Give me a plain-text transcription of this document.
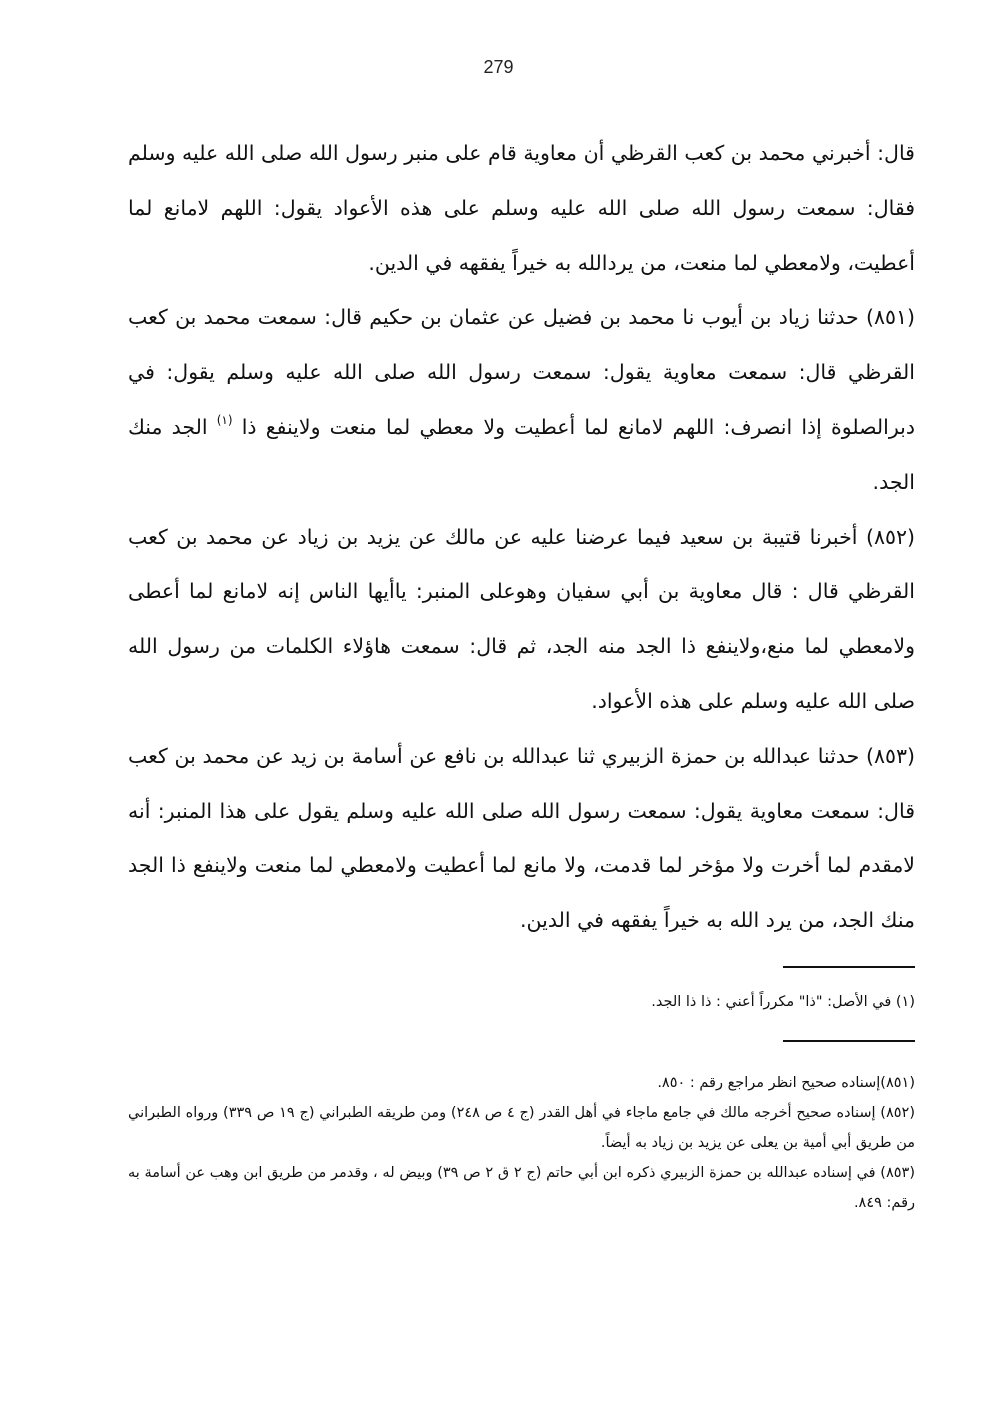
279

قال: أخبرني محمد بن كعب القرظي أن معاوية قام على منبر رسول الله صلى الله عليه وسلم فقال: سمعت رسول الله صلى الله عليه وسلم على هذه الأعواد يقول: اللهم لامانع لما أعطيت، ولامعطي لما منعت، من يردالله به خيراً يفقهه في الدين.

(٨٥١) حدثنا زياد بن أيوب نا محمد بن فضيل عن عثمان بن حكيم قال: سمعت محمد بن كعب القرظي قال: سمعت معاوية يقول: سمعت رسول الله صلى الله عليه وسلم يقول: في دبرالصلوة إذا انصرف: اللهم لامانع لما أعطيت ولا معطي لما منعت ولاينفع ذا $^{(١)}$ الجد منك الجد.

(٨٥٢) أخبرنا قتيبة بن سعيد فيما عرضنا عليه عن مالك عن يزيد بن زياد عن محمد بن كعب القرظي قال : قال معاوية بن أبي سفيان وهوعلى المنبر: ياأيها الناس إنه لامانع لما أعطى ولامعطي لما منع،ولاينفع ذا الجد منه الجد، ثم قال: سمعت هاؤلاء الكلمات من رسول الله صلى الله عليه وسلم على هذه الأعواد.

(٨٥٣) حدثنا عبدالله بن حمزة الزبيري ثنا عبدالله بن نافع عن أسامة بن زيد عن محمد بن كعب قال: سمعت معاوية يقول: سمعت رسول الله صلى الله عليه وسلم يقول على هذا المنبر: أنه لامقدم لما أخرت ولا مؤخر لما قدمت، ولا مانع لما أعطيت ولامعطي لما منعت ولاينفع ذا الجد منك الجد، من يرد الله به خيراً يفقهه في الدين.

(١) في الأصل: "ذا" مكرراً أعني : ذا ذا الجد.

(٨٥١)إسناده صحيح انظر مراجع رقم : ٨٥٠.

(٨٥٢) إسناده صحيح أخرجه مالك في جامع ماجاء في أهل القدر (ج ٤ ص ٢٤٨) ومن طريقه الطبراني (ج ١٩ ص ٣٣٩) ورواه الطبراني من طريق أبي أمية بن يعلى عن يزيد بن زياد به أيضاً.

(٨٥٣) في إسناده عبدالله بن حمزة الزبيري ذكره ابن أبي حاتم (ج ٢ ق ٢ ص ٣٩) وبيض له ، وقدمر من طريق ابن وهب عن أسامة به رقم: ٨٤٩.
